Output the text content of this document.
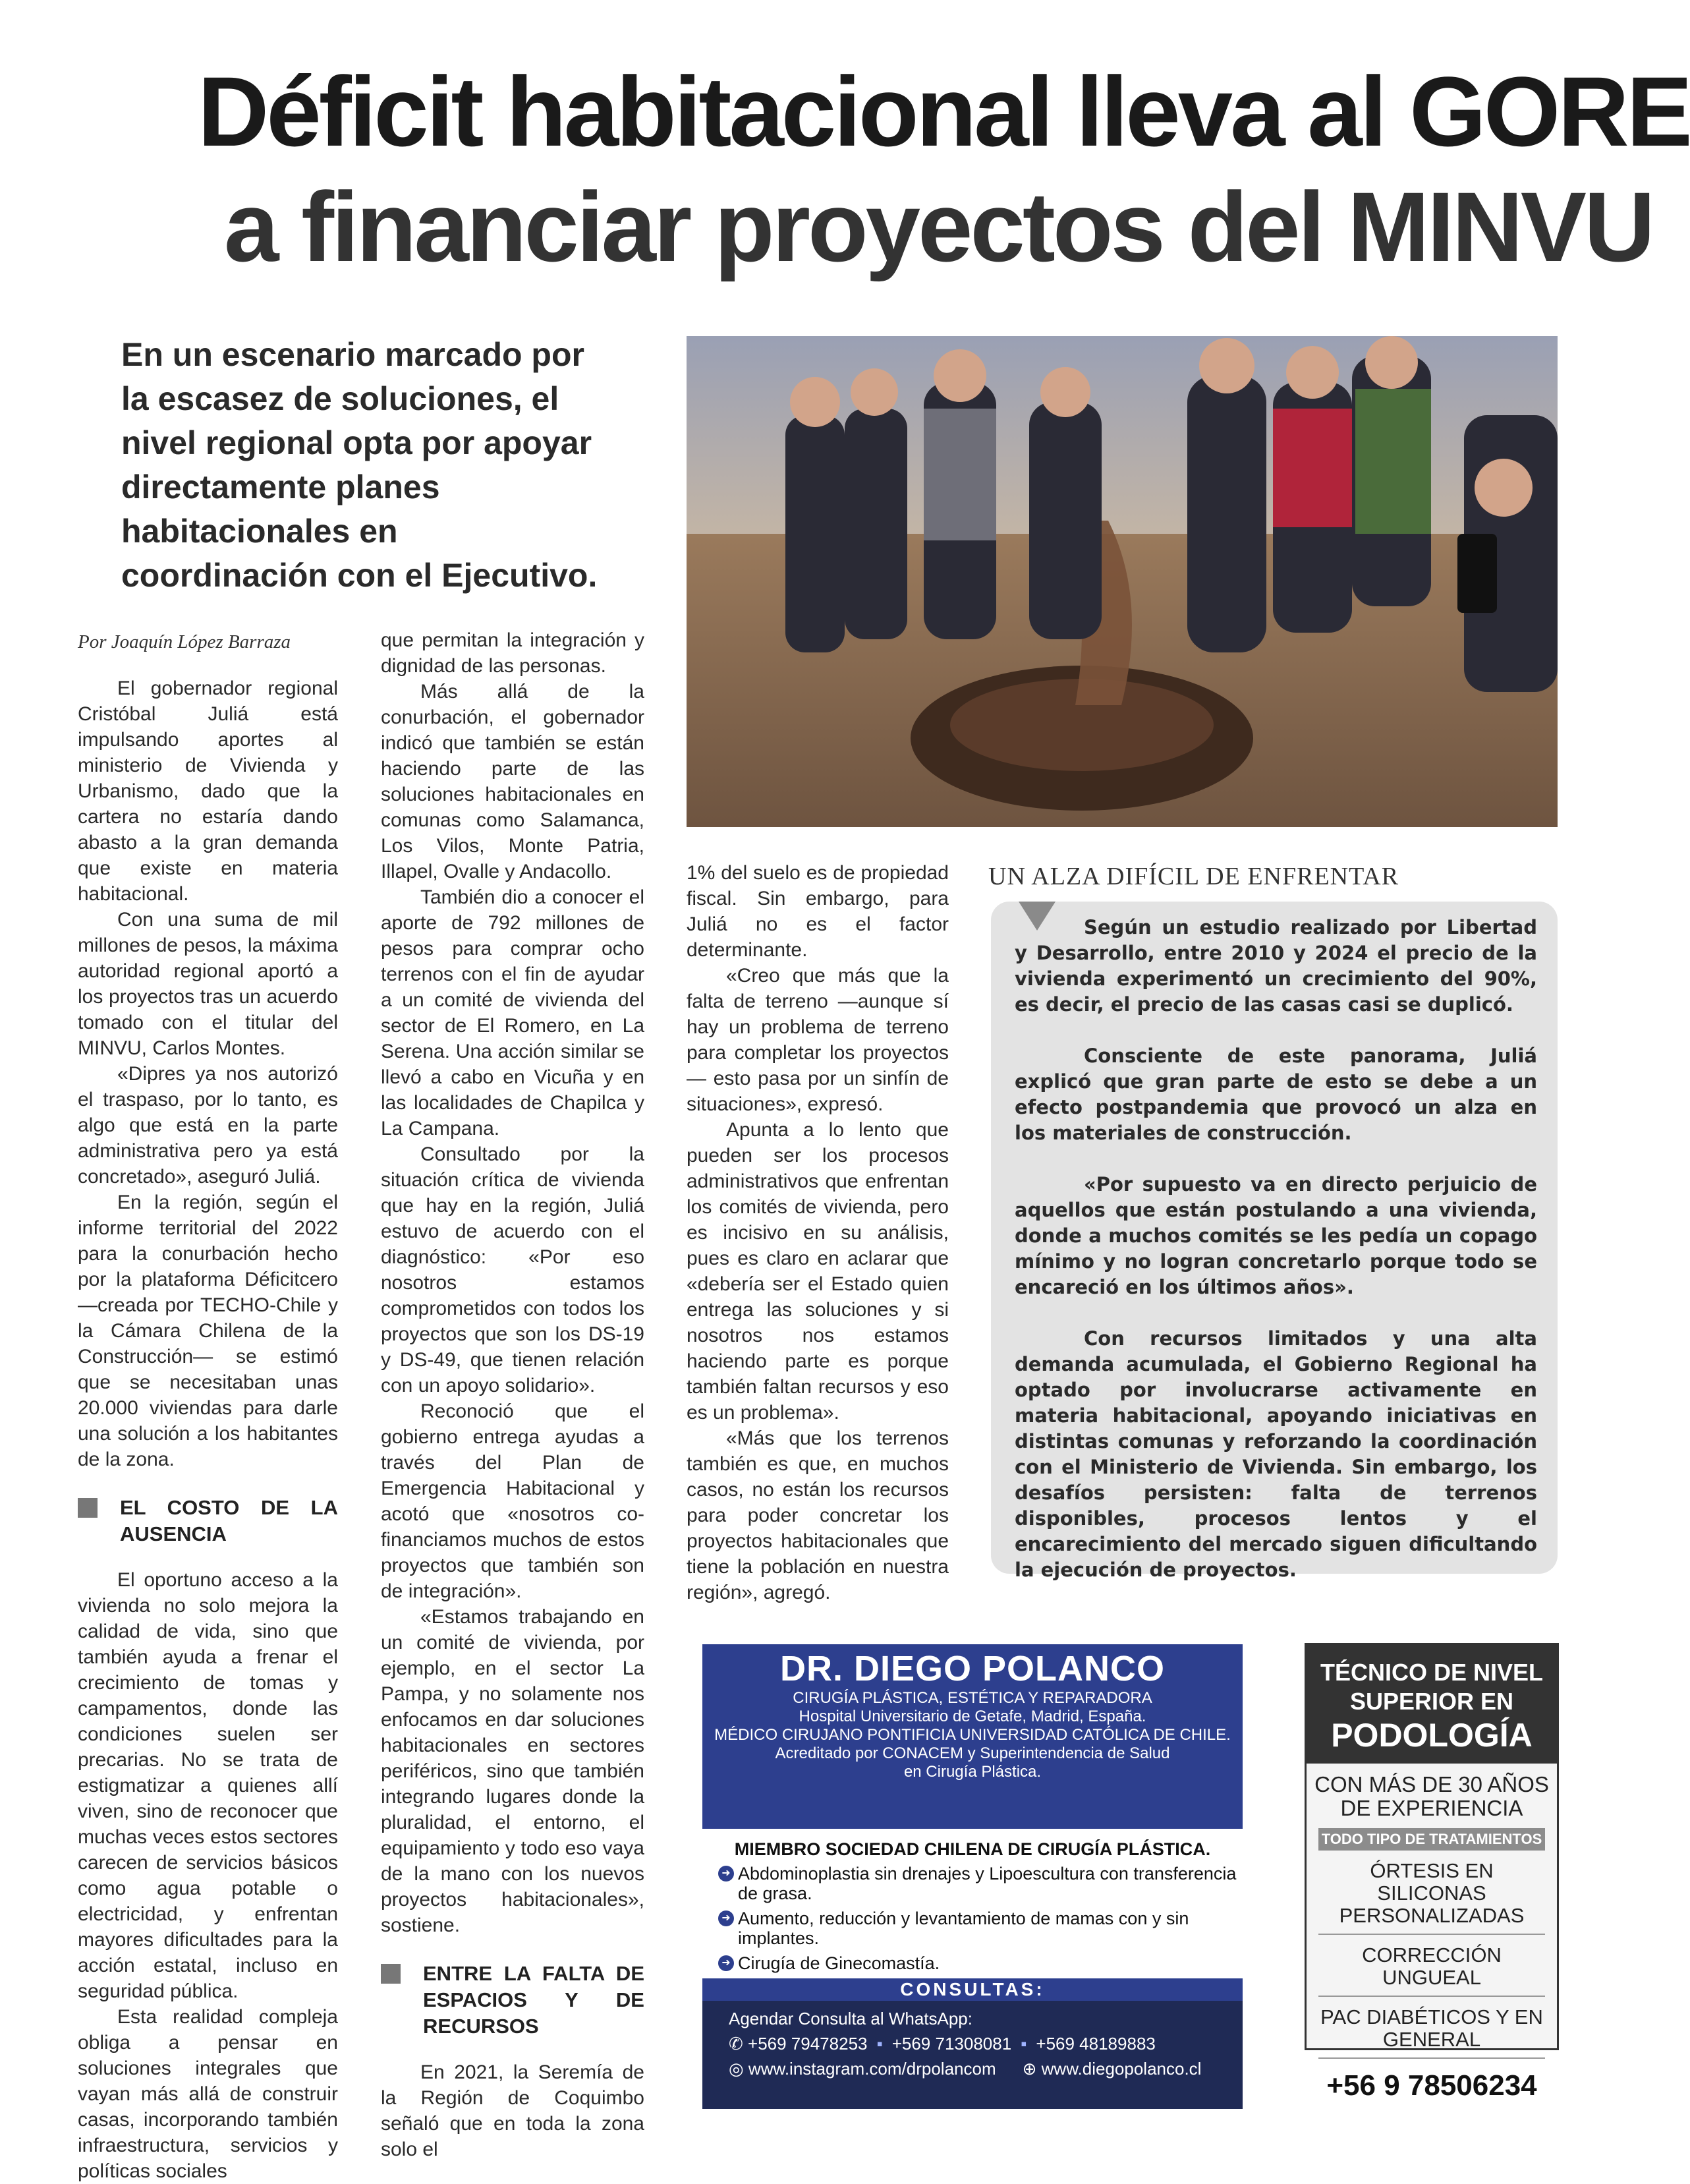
Déficit habitacional lleva al GORE
a financiar proyectos del MINVU
En un escenario marcado por la escasez de soluciones, el nivel regional opta por apoyar directamente planes habitacionales en coordinación con el Ejecutivo.
Por Joaquín López Barraza

El gobernador regional Cristóbal Juliá está impulsando aportes al ministerio de Vivienda y Urbanismo, dado que la cartera no estaría dando abasto a la gran demanda que existe en materia habitacional.

Con una suma de mil millones de pesos, la máxima autoridad regional aportó a los proyectos tras un acuerdo tomado con el titular del MINVU, Carlos Montes.

«Dipres ya nos autorizó el traspaso, por lo tanto, es algo que está en la parte administrativa pero ya está concretado», aseguró Juliá.

En la región, según el informe territorial del 2022 para la conurbación hecho por la plataforma Déficitcero —creada por TECHO-Chile y la Cámara Chilena de la Construcción— se estimó que se necesitaban unas 20.000 viviendas para darle una solución a los habitantes de la zona.

EL COSTO DE LA AUSENCIA

El oportuno acceso a la vivienda no solo mejora la calidad de vida, sino que también ayuda a frenar el crecimiento de tomas y campamentos, donde las condiciones suelen ser precarias. No se trata de estigmatizar a quienes allí viven, sino de reconocer que muchas veces estos sectores carecen de servicios básicos como agua potable o electricidad, y enfrentan mayores dificultades para la acción estatal, incluso en seguridad pública.

Esta realidad compleja obliga a pensar en soluciones integrales que vayan más allá de construir casas, incorporando también infraestructura, servicios y políticas sociales

que permitan la integración y dignidad de las personas.

Más allá de la conurbación, el gobernador indicó que también se están haciendo parte de las soluciones habitacionales en comunas como Salamanca, Los Vilos, Monte Patria, Illapel, Ovalle y Andacollo.

También dio a conocer el aporte de 792 millones de pesos para comprar ocho terrenos con el fin de ayudar a un comité de vivienda del sector de El Romero, en La Serena. Una acción similar se llevó a cabo en Vicuña y en las localidades de Chapilca y La Campana.

Consultado por la situación crítica de vivienda que hay en la región, Juliá estuvo de acuerdo con el diagnóstico: «Por eso nosotros estamos comprometidos con todos los proyectos que son los DS-19 y DS-49, que tienen relación con un apoyo solidario».

Reconoció que el gobierno entrega ayudas a través del Plan de Emergencia Habitacional y acotó que «nosotros co-financiamos muchos de estos proyectos que también son de integración».

«Estamos trabajando en un comité de vivienda, por ejemplo, en el sector La Pampa, y no solamente nos enfocamos en dar soluciones habitacionales en sectores periféricos, sino que también integrando lugares donde la pluralidad, el entorno, el equipamiento y todo eso vaya de la mano con los nuevos proyectos habitacionales», sostiene.

ENTRE LA FALTA DE ESPACIOS Y DE RECURSOS

En 2021, la Seremía de la Región de Coquimbo señaló que en toda la zona solo el

1% del suelo es de propiedad fiscal. Sin embargo, para Juliá no es el factor determinante.

«Creo que más que la falta de terreno —aunque sí hay un problema de terreno para completar los proyectos— esto pasa por un sinfín de situaciones», expresó.

Apunta a lo lento que pueden ser los procesos administrativos que enfrentan los comités de vivienda, pero es incisivo en su análisis, pues es claro en aclarar que «debería ser el Estado quien entrega las soluciones y si nosotros nos estamos haciendo parte es porque también faltan recursos y eso es un problema».

«Más que los terrenos también es que, en muchos casos, no están los recursos para poder concretar los proyectos habitacionales que tiene la población en nuestra región», agregó.

UN ALZA DIFÍCIL DE ENFRENTAR

Según un estudio realizado por Libertad y Desarrollo, entre 2010 y 2024 el precio de la vivienda experimentó un crecimiento del 90%, es decir, el precio de las casas casi se duplicó.

Consciente de este panorama, Juliá explicó que gran parte de esto se debe a un efecto postpandemia que provocó un alza en los materiales de construcción.

«Por supuesto va en directo perjuicio de aquellos que están postulando a una vivienda, donde a muchos comités se les pedía un copago mínimo y no logran concretarlo porque todo se encareció en los últimos años».

Con recursos limitados y una alta demanda acumulada, el Gobierno Regional ha optado por involucrarse activamente en materia habitacional, apoyando iniciativas en distintas comunas y reforzando la coordinación con el Ministerio de Vivienda. Sin embargo, los desafíos persisten: falta de terrenos disponibles, procesos lentos y el encarecimiento del mercado siguen dificultando la ejecución de proyectos.

DR. DIEGO POLANCO
CIRUGÍA PLÁSTICA, ESTÉTICA Y REPARADORA
Hospital Universitario de Getafe, Madrid, España.
MÉDICO CIRUJANO PONTIFICIA UNIVERSIDAD CATÓLICA DE CHILE.
Acreditado por CONACEM y Superintendencia de Salud
en Cirugía Plástica.
MIEMBRO SOCIEDAD CHILENA DE CIRUGÍA PLÁSTICA.
➜ Abdominoplastia sin drenajes y Lipoescultura con transferencia de grasa.
➜ Aumento, reducción y levantamiento de mamas con y sin implantes.
➜ Cirugía de Ginecomastía.
CONSULTAS:
Agendar Consulta al WhatsApp:
✆ +569 79478253 ▪ +569 71308081 ▪ +569 48189883
◎ www.instagram.com/drpolancom ⊕ www.diegopolanco.cl
TÉCNICO DE NIVEL SUPERIOR EN
PODOLOGÍA
CON MÁS DE 30 AÑOS DE EXPERIENCIA
TODO TIPO DE TRATAMIENTOS
ÓRTESIS EN SILICONAS PERSONALIZADAS
CORRECCIÓN UNGUEAL
PAC DIABÉTICOS Y EN GENERAL
+56 9 78506234
